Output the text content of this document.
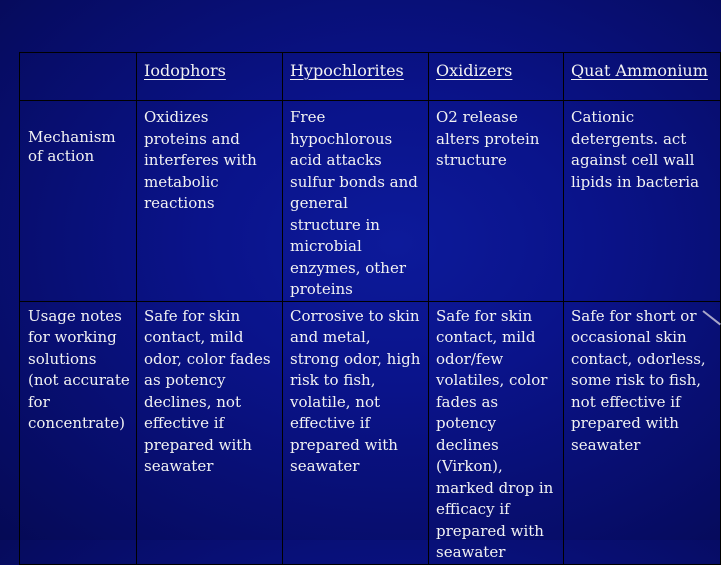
	Iodophors	Hypochlorites	Oxidizers	Quat Ammonium
Mechanism of action	Oxidizes proteins and interferes with metabolic reactions	Free hypochlorous acid attacks sulfur bonds and general structure in microbial enzymes, other proteins	O2 release alters protein structure	Cationic detergents. act against cell wall lipids in bacteria
Usage notes for working solutions (not accurate for concentrate)	Safe for skin contact, mild odor, color fades as potency declines, not effective if prepared with seawater	Corrosive to skin and metal, strong odor, high risk to fish, volatile, not effective if prepared with seawater	Safe for skin contact, mild odor/few volatiles, color fades as potency declines (Virkon), marked drop in efficacy if prepared with seawater	Safe for short or occasional skin contact, odorless, some risk to fish, not effective if prepared with seawater
